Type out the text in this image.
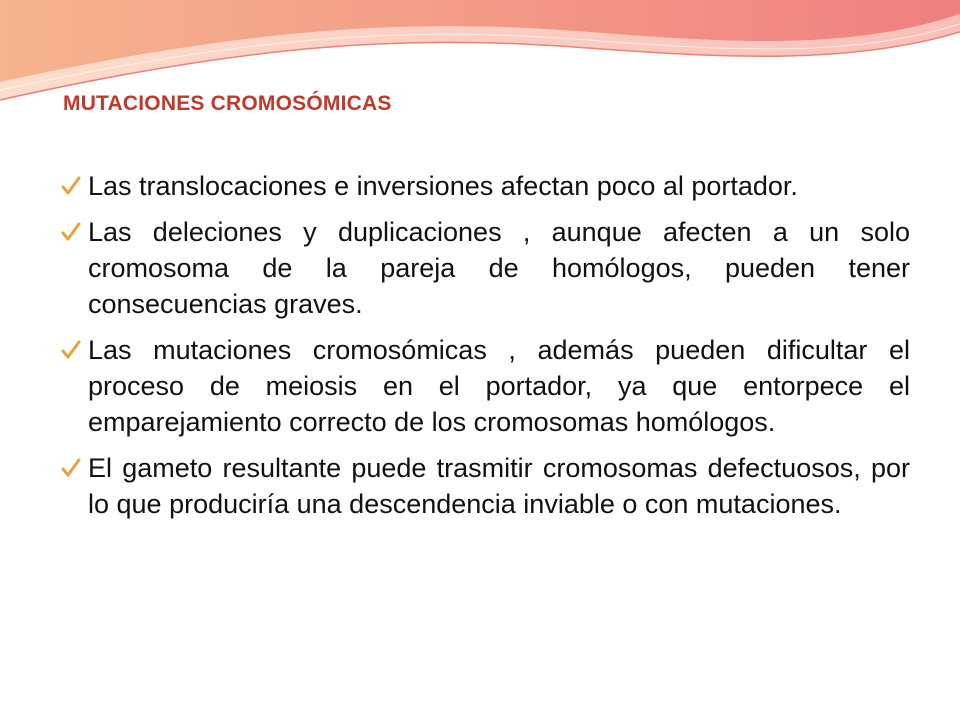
MUTACIONES CROMOSÓMICAS
Las translocaciones e inversiones afectan poco al portador.
Las deleciones y duplicaciones , aunque afecten a un solo cromosoma de la pareja de homólogos, pueden tener consecuencias graves.
Las mutaciones cromosómicas , además pueden dificultar el proceso de meiosis en el portador, ya que entorpece el emparejamiento correcto de los cromosomas homólogos.
El gameto resultante puede trasmitir cromosomas defectuosos, por lo que produciría una descendencia inviable o con mutaciones.
